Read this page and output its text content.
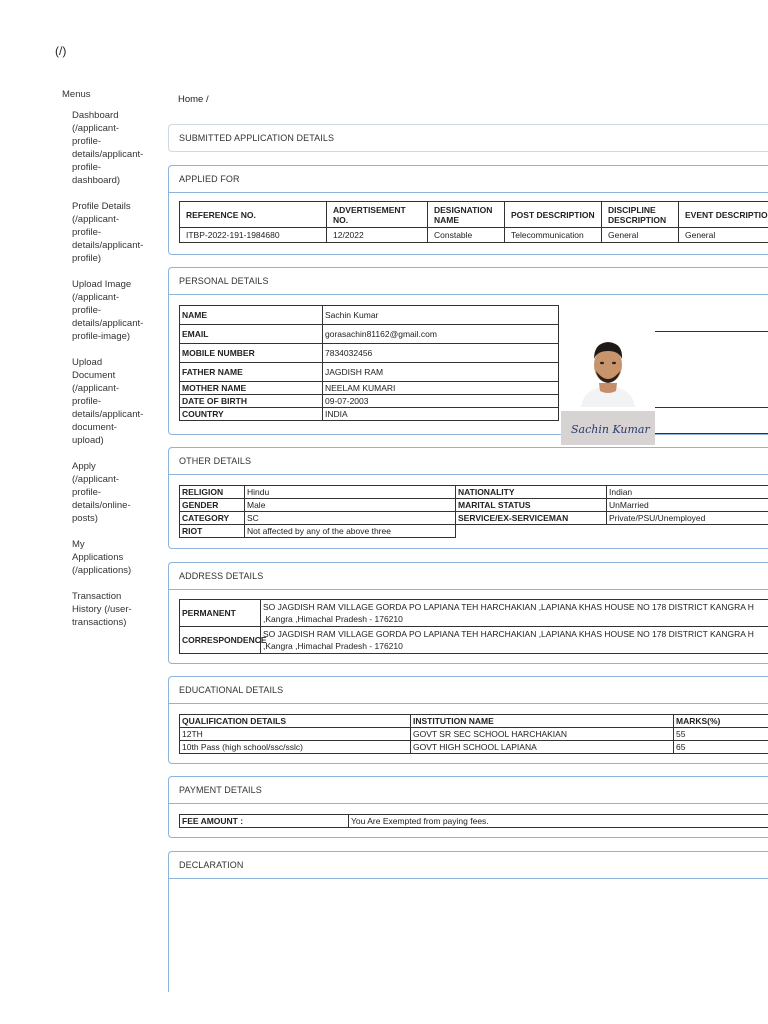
(/)
Menus
Dashboard
(/applicant-
profile-
details/applicant-
profile-
dashboard)
Profile Details
(/applicant-
profile-
details/applicant-
profile)
Upload Image
(/applicant-
profile-
details/applicant-
profile-image)
Upload
Document
(/applicant-
profile-
details/applicant-
document-
upload)
Apply
(/applicant-
profile-
details/online-
posts)
My
Applications
(/applications)
Transaction
History (/user-
transactions)
Home /
SUBMITTED APPLICATION DETAILS
APPLIED FOR
REFERENCE NO.	ADVERTISEMENT NO.	DESIGNATION NAME	POST DESCRIPTION	DISCIPLINE DESCRIPTION	EVENT DESCRIPTIO
ITBP-2022-191-1984680	12/2022	Constable	Telecommunication	General	General
PERSONAL DETAILS
NAME	Sachin Kumar
EMAIL	gorasachin81162@gmail.com
MOBILE NUMBER	7834032456
FATHER NAME	JAGDISH RAM
MOTHER NAME	NEELAM KUMARI
DATE OF BIRTH	09-07-2003
COUNTRY	INDIA
Sachin Kumar
OTHER DETAILS
RELIGION	Hindu	NATIONALITY	Indian
GENDER	Male	MARITAL STATUS	UnMarried
CATEGORY	SC	SERVICE/EX-SERVICEMAN	Private/PSU/Unemployed
RIOT	Not affected by any of the above three		
ADDRESS DETAILS
PERMANENT	SO JAGDISH RAM VILLAGE GORDA PO LAPIANA TEH HARCHAKIAN ,LAPIANA KHAS HOUSE NO 178 DISTRICT KANGRA H
,Kangra ,Himachal Pradesh - 176210

CORRESPONDENCE	SO JAGDISH RAM VILLAGE GORDA PO LAPIANA TEH HARCHAKIAN ,LAPIANA KHAS HOUSE NO 178 DISTRICT KANGRA H
,Kangra ,Himachal Pradesh - 176210
EDUCATIONAL DETAILS
QUALIFICATION DETAILS	INSTITUTION NAME	MARKS(%)
12TH	GOVT SR SEC SCHOOL HARCHAKIAN	55
10th Pass (high school/ssc/sslc)	GOVT HIGH SCHOOL LAPIANA	65
PAYMENT DETAILS
FEE AMOUNT :	You Are Exempted from paying fees.
DECLARATION
